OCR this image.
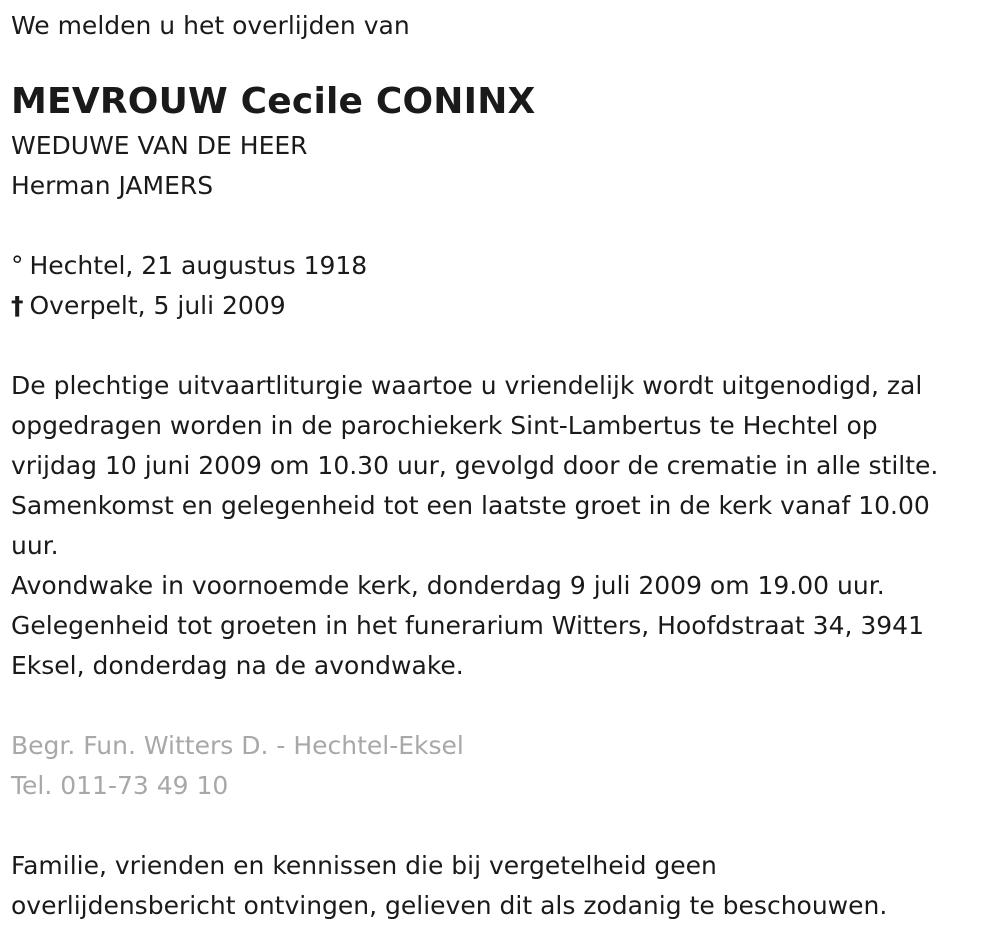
We melden u het overlijden van

MEVROUW Cecile CONINX

WEDUWE VAN DE HEER

Herman JAMERS

° Hechtel, 21 augustus 1918

† Overpelt, 5 juli 2009

De plechtige uitvaartliturgie waartoe u vriendelijk wordt uitgenodigd, zal

opgedragen worden in de parochiekerk Sint-Lambertus te Hechtel op

vrijdag 10 juni 2009 om 10.30 uur, gevolgd door de crematie in alle stilte.

Samenkomst en gelegenheid tot een laatste groet in de kerk vanaf 10.00

uur.

Avondwake in voornoemde kerk, donderdag 9 juli 2009 om 19.00 uur.

Gelegenheid tot groeten in het funerarium Witters, Hoofdstraat 34, 3941

Eksel, donderdag na de avondwake.

Begr. Fun. Witters D. - Hechtel-Eksel

Tel. 011-73 49 10

Familie, vrienden en kennissen die bij vergetelheid geen

overlijdensbericht ontvingen, gelieven dit als zodanig te beschouwen.
